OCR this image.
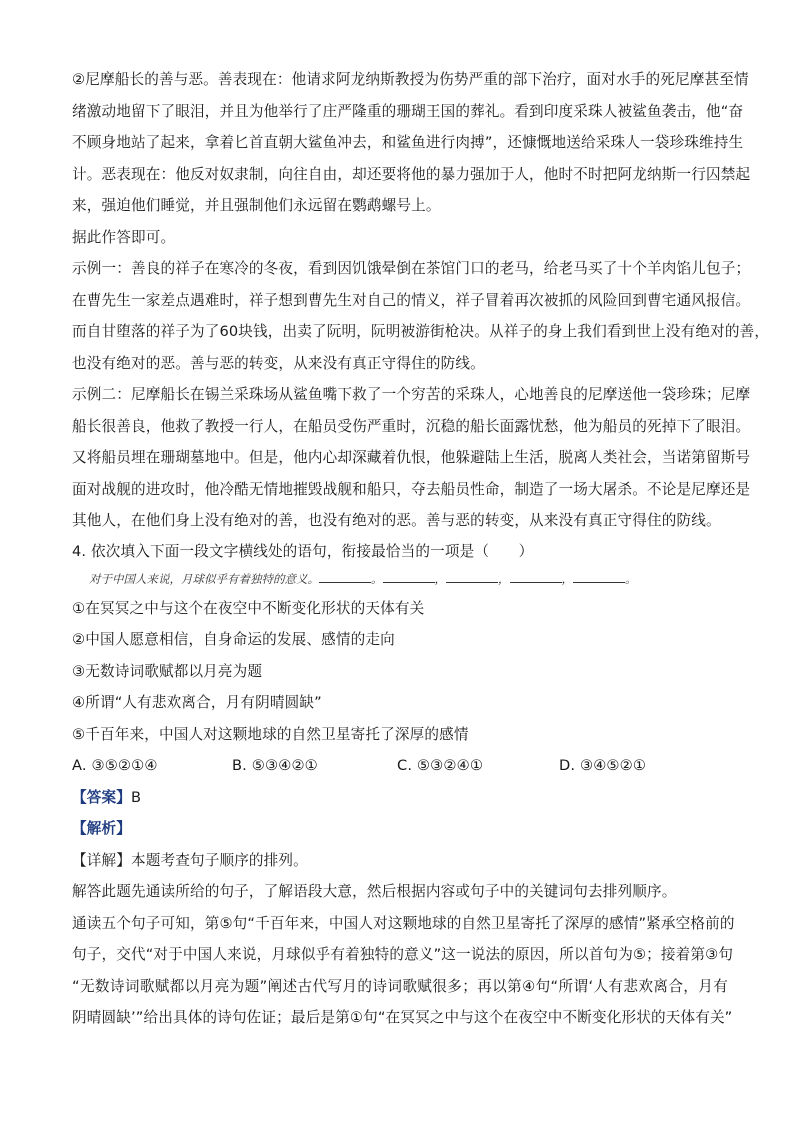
②尼摩船长的善与恶。善表现在：他请求阿龙纳斯教授为伤势严重的部下治疗，面对水手的死尼摩甚至情
绪激动地留下了眼泪，并且为他举行了庄严隆重的珊瑚王国的葬礼。看到印度采珠人被鲨鱼袭击，他“奋
不顾身地站了起来，拿着匕首直朝大鲨鱼冲去，和鲨鱼进行肉搏”，还慷慨地送给采珠人一袋珍珠维持生
计。恶表现在：他反对奴隶制，向往自由，却还要将他的暴力强加于人，他时不时把阿龙纳斯一行囚禁起
来，强迫他们睡觉，并且强制他们永远留在鹦鹉螺号上。
据此作答即可。
示例一：善良的祥子在寒冷的冬夜，看到因饥饿晕倒在茶馆门口的老马，给老马买了十个羊肉馅儿包子；
在曹先生一家差点遇难时，祥子想到曹先生对自己的情义，祥子冒着再次被抓的风险回到曹宅通风报信。
而自甘堕落的祥子为了60块钱，出卖了阮明，阮明被游街枪决。从祥子的身上我们看到世上没有绝对的善，
也没有绝对的恶。善与恶的转变，从来没有真正守得住的防线。
示例二：尼摩船长在锡兰采珠场从鲨鱼嘴下救了一个穷苦的采珠人，心地善良的尼摩送他一袋珍珠；尼摩
船长很善良，他救了教授一行人，在船员受伤严重时，沉稳的船长面露忧愁，他为船员的死掉下了眼泪。
又将船员埋在珊瑚墓地中。但是，他内心却深藏着仇恨，他躲避陆上生活，脱离人类社会，当诺第留斯号
面对战舰的进攻时，他冷酷无情地摧毁战舰和船只，夺去船员性命，制造了一场大屠杀。不论是尼摩还是
其他人，在他们身上没有绝对的善，也没有绝对的恶。善与恶的转变，从来没有真正守得住的防线。
4. 依次填入下面一段文字横线处的语句，衔接最恰当的一项是（　　）
对于中国人来说，月球似乎有着独特的意义。	。	，	，	，	。
①在冥冥之中与这个在夜空中不断变化形状的天体有关
②中国人愿意相信，自身命运的发展、感情的走向
③无数诗词歌赋都以月亮为题
④所谓“人有悲欢离合，月有阴晴圆缺”
⑤千百年来，中国人对这颗地球的自然卫星寄托了深厚的感情
A. ③⑤②①④	B. ⑤③④②①	C. ⑤③②④①	D. ③④⑤②①
【答案】B
【解析】
【详解】本题考查句子顺序的排列。
解答此题先通读所给的句子，了解语段大意，然后根据内容或句子中的关键词句去排列顺序。
通读五个句子可知，第⑤句“千百年来，中国人对这颗地球的自然卫星寄托了深厚的感情”紧承空格前的
句子，交代“对于中国人来说，月球似乎有着独特的意义”这一说法的原因，所以首句为⑤；接着第③句
“无数诗词歌赋都以月亮为题”阐述古代写月的诗词歌赋很多；再以第④句“所谓‘人有悲欢离合，月有
阴晴圆缺’”给出具体的诗句佐证；最后是第①句“在冥冥之中与这个在夜空中不断变化形状的天体有关”
